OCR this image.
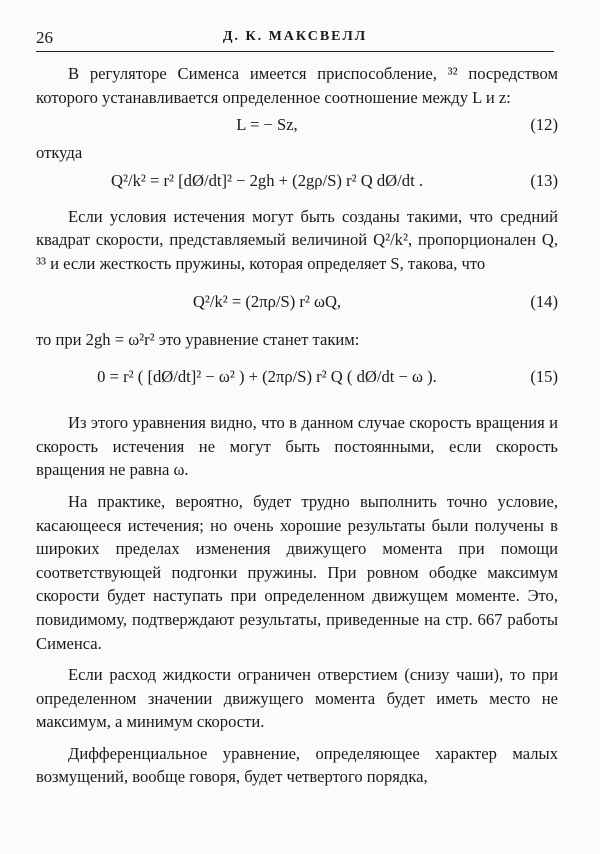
26	Д. К. МАКСВЕЛЛ

В регуляторе Сименса имеется приспособление, ³² посредством которого устанавливается определенное соотношение между L и z:

L = − Sz,	(12)

откуда

Q²/k² = r² [dØ/dt]² − 2gh + (2gρ/S) r² Q dØ/dt .	(13)

Если условия истечения могут быть созданы такими, что средний квадрат скорости, представляемый величиной Q²/k², пропорционален Q, ³³ и если жесткость пружины, которая определяет S, такова, что

Q²/k² = (2πρ/S) r² ωQ,	(14)

то при 2gh = ω²r² это уравнение станет таким:

0 = r² ( [dØ/dt]² − ω² ) + (2πρ/S) r² Q ( dØ/dt − ω ).	(15)

Из этого уравнения видно, что в данном случае скорость вращения и скорость истечения не могут быть постоянными, если скорость вращения не равна ω.

На практике, вероятно, будет трудно выполнить точно условие, касающееся истечения; но очень хорошие результаты были получены в широких пределах изменения движущего момента при помощи соответствующей подгонки пружины. При ровном ободке максимум скорости будет наступать при определенном движущем моменте. Это, повидимому, подтверждают результаты, приведенные на стр. 667 работы Сименса.

Если расход жидкости ограничен отверстием (снизу чаши), то при определенном значении движущего момента будет иметь место не максимум, а минимум скорости.

Дифференциальное уравнение, определяющее характер малых возмущений, вообще говоря, будет четвертого порядка,
